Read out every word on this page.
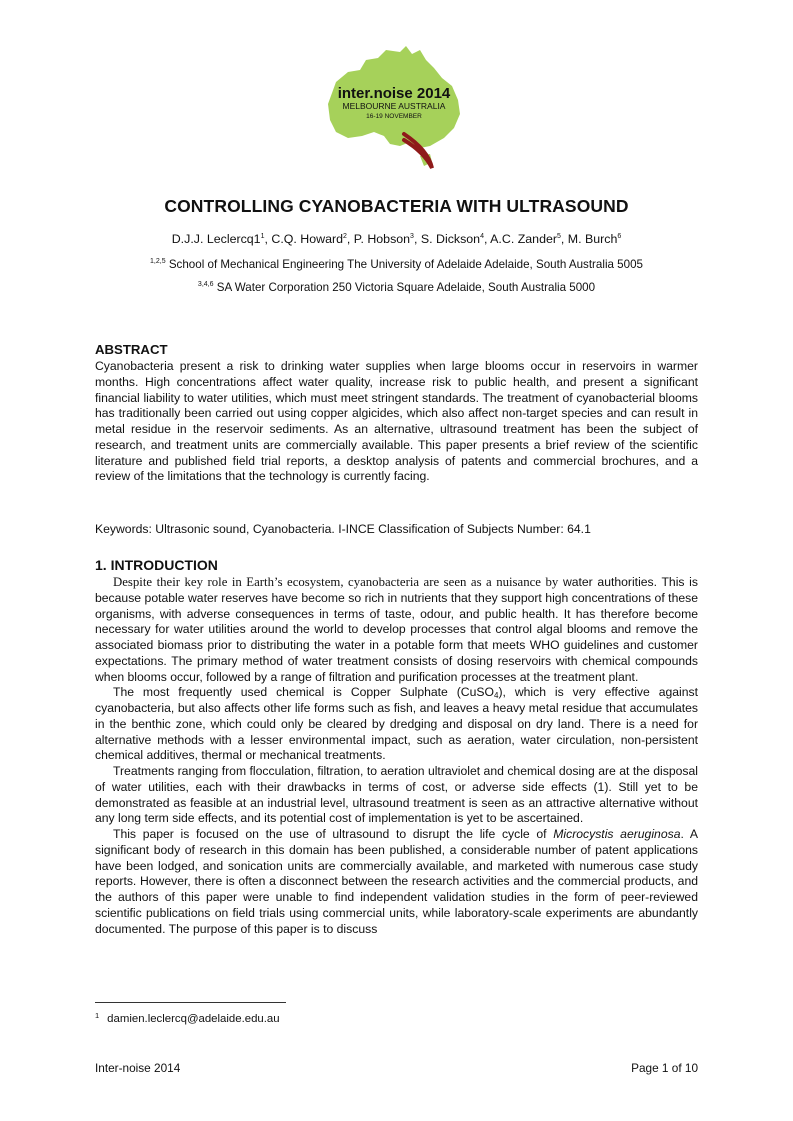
inter.noise 2014
MELBOURNE AUSTRALIA
16-19 NOVEMBER
CONTROLLING CYANOBACTERIA WITH ULTRASOUND
D.J.J. $Leclercq1^1$, C.Q. Howard$^2$, P. Hobson$^3$, S. Dickson$^4$, A.C. Zander$^5$, M. Burch$^6$
$^{1,2,5}$ School of Mechanical Engineering The University of Adelaide Adelaide, South Australia 5005
$^{3,4,6}$ SA Water Corporation 250 Victoria Square Adelaide, South Australia 5000
ABSTRACT

Cyanobacteria present a risk to drinking water supplies when large blooms occur in reservoirs in warmer months. High concentrations affect water quality, increase risk to public health, and present a significant financial liability to water utilities, which must meet stringent standards. The treatment of cyanobacterial blooms has traditionally been carried out using copper algicides, which also affect non-target species and can result in metal residue in the reservoir sediments. As an alternative, ultrasound treatment has been the subject of research, and treatment units are commercially available. This paper presents a brief review of the scientific literature and published field trial reports, a desktop analysis of patents and commercial brochures, and a review of the limitations that the technology is currently facing.

Keywords: Ultrasonic sound, Cyanobacteria. I-INCE Classification of Subjects Number: 64.1

1. INTRODUCTION

Despite their key role in Earth’s ecosystem, cyanobacteria are seen as a nuisance by water authorities. This is because potable water reserves have become so rich in nutrients that they support high concentrations of these organisms, with adverse consequences in terms of taste, odour, and public health. It has therefore become necessary for water utilities around the world to develop processes that control algal blooms and remove the associated biomass prior to distributing the water in a potable form that meets WHO guidelines and customer expectations. The primary method of water treatment consists of dosing reservoirs with chemical compounds when blooms occur, followed by a range of filtration and purification processes at the treatment plant.

The most frequently used chemical is Copper Sulphate (CuSO$_4$), which is very effective against cyanobacteria, but also affects other life forms such as fish, and leaves a heavy metal residue that accumulates in the benthic zone, which could only be cleared by dredging and disposal on dry land. There is a need for alternative methods with a lesser environmental impact, such as aeration, water circulation, non-persistent chemical additives, thermal or mechanical treatments.

Treatments ranging from flocculation, filtration, to aeration ultraviolet and chemical dosing are at the disposal of water utilities, each with their drawbacks in terms of cost, or adverse side effects (1). Still yet to be demonstrated as feasible at an industrial level, ultrasound treatment is seen as an attractive alternative without any long term side effects, and its potential cost of implementation is yet to be ascertained.

This paper is focused on the use of ultrasound to disrupt the life cycle of Microcystis aeruginosa. A significant body of research in this domain has been published, a considerable number of patent applications have been lodged, and sonication units are commercially available, and marketed with numerous case study reports. However, there is often a disconnect between the research activities and the commercial products, and the authors of this paper were unable to find independent validation studies in the form of peer-reviewed scientific publications on field trials using commercial units, while laboratory-scale experiments are abundantly documented. The purpose of this paper is to discuss

$^1$ damien.leclercq@adelaide.edu.au
Inter-noise 2014	Page 1 of 10
